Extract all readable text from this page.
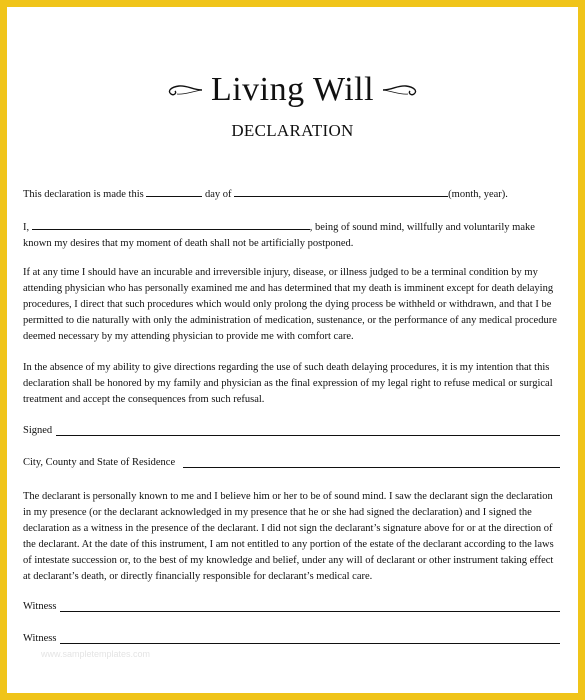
Living Will
DECLARATION
This declaration is made this	day of	(month, year).
I,	, being of sound mind, willfully and voluntarily make
known my desires that my moment of death shall not be artificially postponed.
If at any time I should have an incurable and irreversible injury, disease, or illness judged to be a terminal condition by my attending physician who has personally examined me and has determined that my death is imminent except for death delaying procedures, I direct that such procedures which would only prolong the dying process be withheld or withdrawn, and that I be permitted to die naturally with only the administration of medication, sustenance, or the performance of any medical procedure deemed necessary by my attending physician to provide me with comfort care.
In the absence of my ability to give directions regarding the use of such death delaying procedures, it is my intention that this declaration shall be honored by my family and physician as the final expression of my legal right to refuse medical or surgical treatment and accept the consequences from such refusal.
Signed
City, County and State of Residence
The declarant is personally known to me and I believe him or her to be of sound mind. I saw the declarant sign the declaration in my presence (or the declarant acknowledged in my presence that he or she had signed the declaration) and I signed the declaration as a witness in the presence of the declarant. I did not sign the declarant’s signature above for or at the direction of the declarant. At the date of this instrument, I am not entitled to any portion of the estate of the declarant according to the laws of intestate succession or, to the best of my knowledge and belief, under any will of declarant or other instrument taking effect at declarant’s death, or directly financially responsible for declarant’s medical care.
Witness
Witness
www.sampletemplates.com
